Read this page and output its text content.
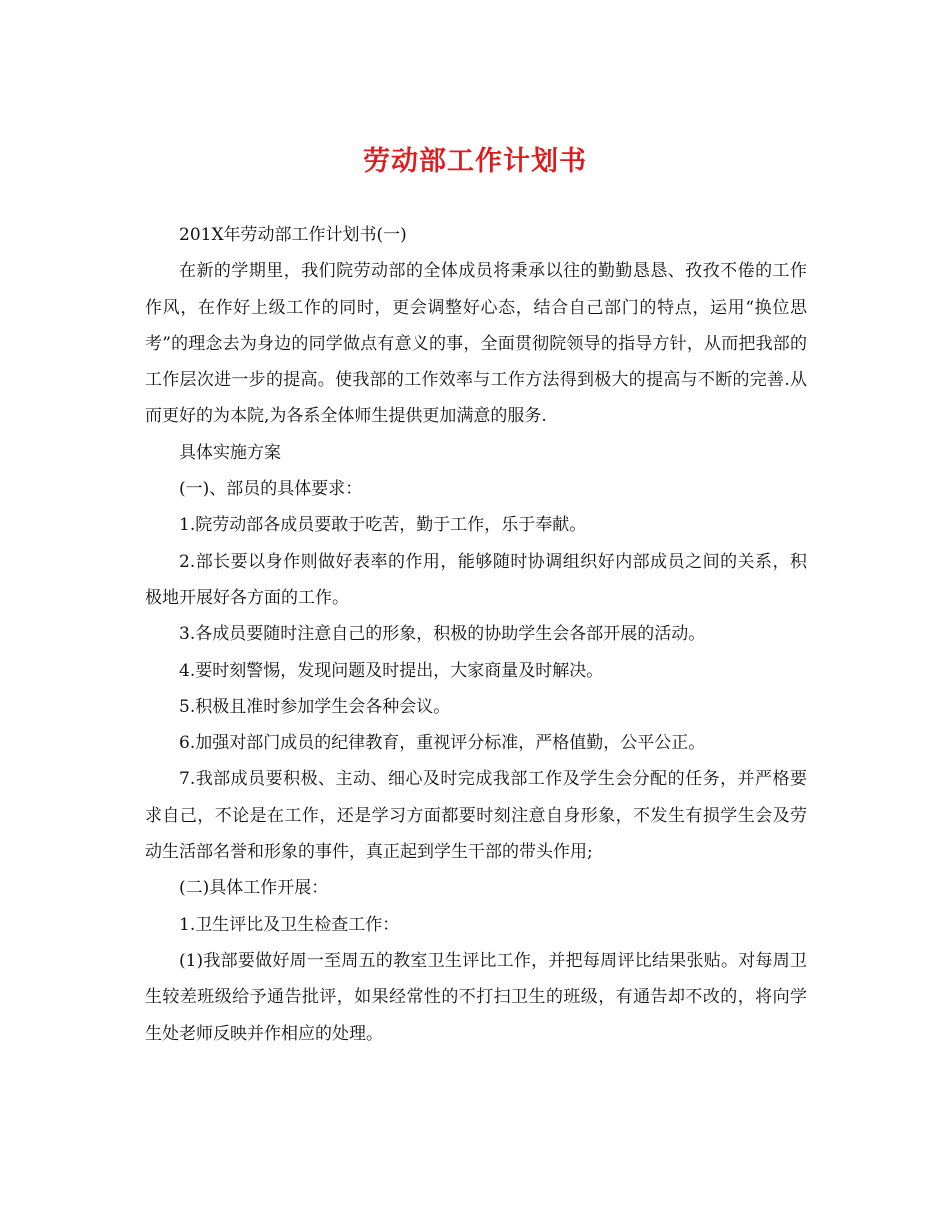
劳动部工作计划书

201X年劳动部工作计划书(一)

在新的学期里，我们院劳动部的全体成员将秉承以往的勤勤恳恳、孜孜不倦的工作作风，在作好上级工作的同时，更会调整好心态，结合自己部门的特点，运用“换位思考”的理念去为身边的同学做点有意义的事，全面贯彻院领导的指导方针，从而把我部的工作层次进一步的提高。使我部的工作效率与工作方法得到极大的提高与不断的完善.从而更好的为本院,为各系全体师生提供更加满意的服务.

具体实施方案

(一)、部员的具体要求：

1.院劳动部各成员要敢于吃苦，勤于工作，乐于奉献。

2.部长要以身作则做好表率的作用，能够随时协调组织好内部成员之间的关系，积极地开展好各方面的工作。

3.各成员要随时注意自己的形象，积极的协助学生会各部开展的活动。

4.要时刻警惕，发现问题及时提出，大家商量及时解决。

5.积极且准时参加学生会各种会议。

6.加强对部门成员的纪律教育，重视评分标准，严格值勤，公平公正。

7.我部成员要积极、主动、细心及时完成我部工作及学生会分配的任务，并严格要求自己，不论是在工作，还是学习方面都要时刻注意自身形象，不发生有损学生会及劳动生活部名誉和形象的事件，真正起到学生干部的带头作用;

(二)具体工作开展：

1.卫生评比及卫生检查工作：

(1)我部要做好周一至周五的教室卫生评比工作，并把每周评比结果张贴。对每周卫生较差班级给予通告批评，如果经常性的不打扫卫生的班级，有通告却不改的，将向学生处老师反映并作相应的处理。
